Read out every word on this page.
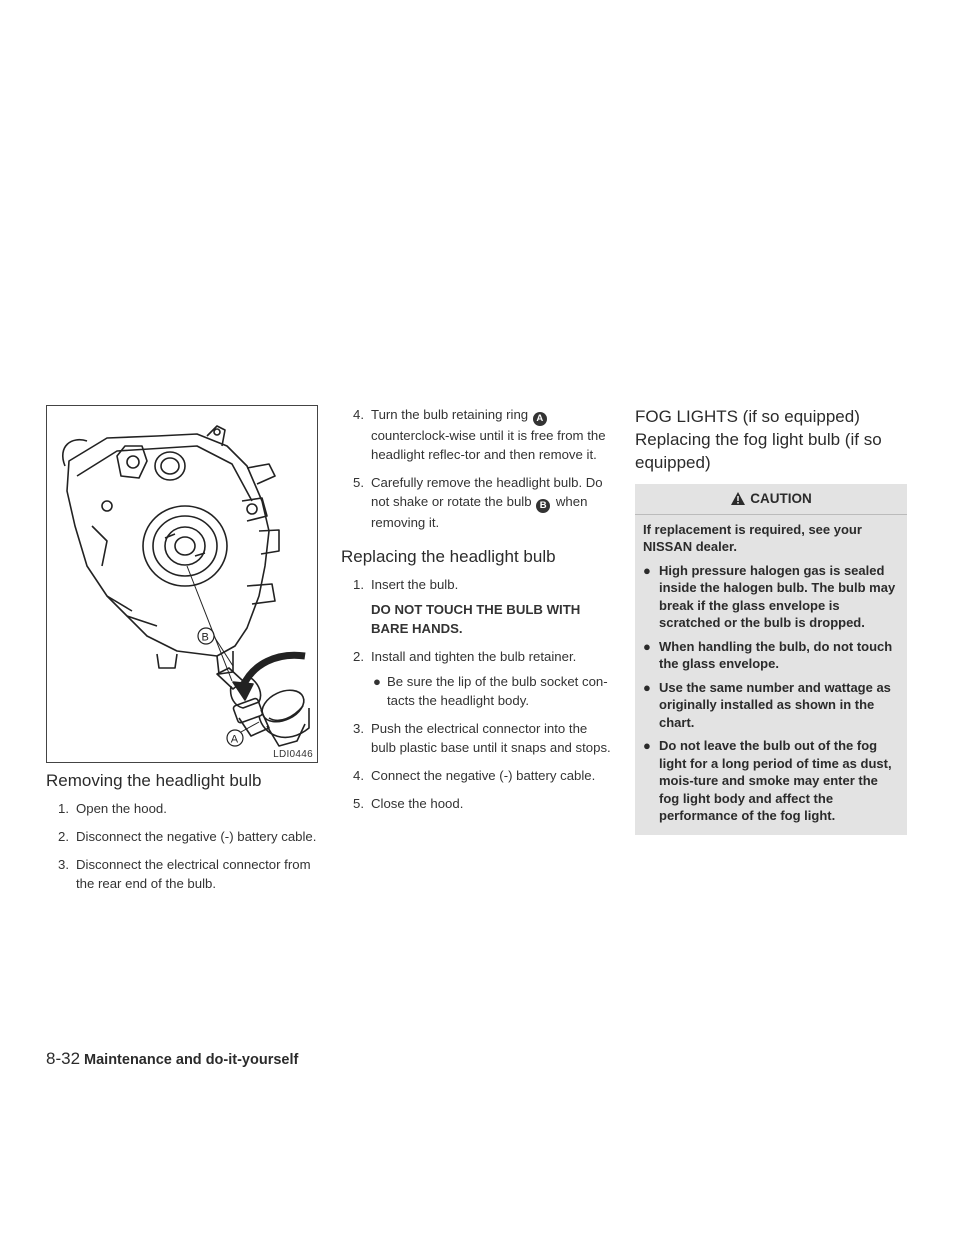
B
A
LDI0446
Removing the headlight bulb
1. Open the hood.
2. Disconnect the negative (-) battery cable.
3. Disconnect the electrical connector from the rear end of the bulb.
4. Turn the bulb retaining ring A counterclock-wise until it is free from the headlight reflec-tor and then remove it.
5. Carefully remove the headlight bulb. Do not shake or rotate the bulb B when removing it.
Replacing the headlight bulb
1. Insert the bulb.
DO NOT TOUCH THE BULB WITH BARE HANDS.
2. Install and tighten the bulb retainer.
● Be sure the lip of the bulb socket con-tacts the headlight body.
3. Push the electrical connector into the bulb plastic base until it snaps and stops.
4. Connect the negative (-) battery cable.
5. Close the hood.
FOG LIGHTS (if so equipped)
Replacing the fog light bulb (if so equipped)
CAUTION
If replacement is required, see your NISSAN dealer.
● High pressure halogen gas is sealed inside the halogen bulb. The bulb may break if the glass envelope is scratched or the bulb is dropped.
● When handling the bulb, do not touch the glass envelope.
● Use the same number and wattage as originally installed as shown in the chart.
● Do not leave the bulb out of the fog light for a long period of time as dust, mois-ture and smoke may enter the fog light body and affect the performance of the fog light.
8-32 Maintenance and do-it-yourself
